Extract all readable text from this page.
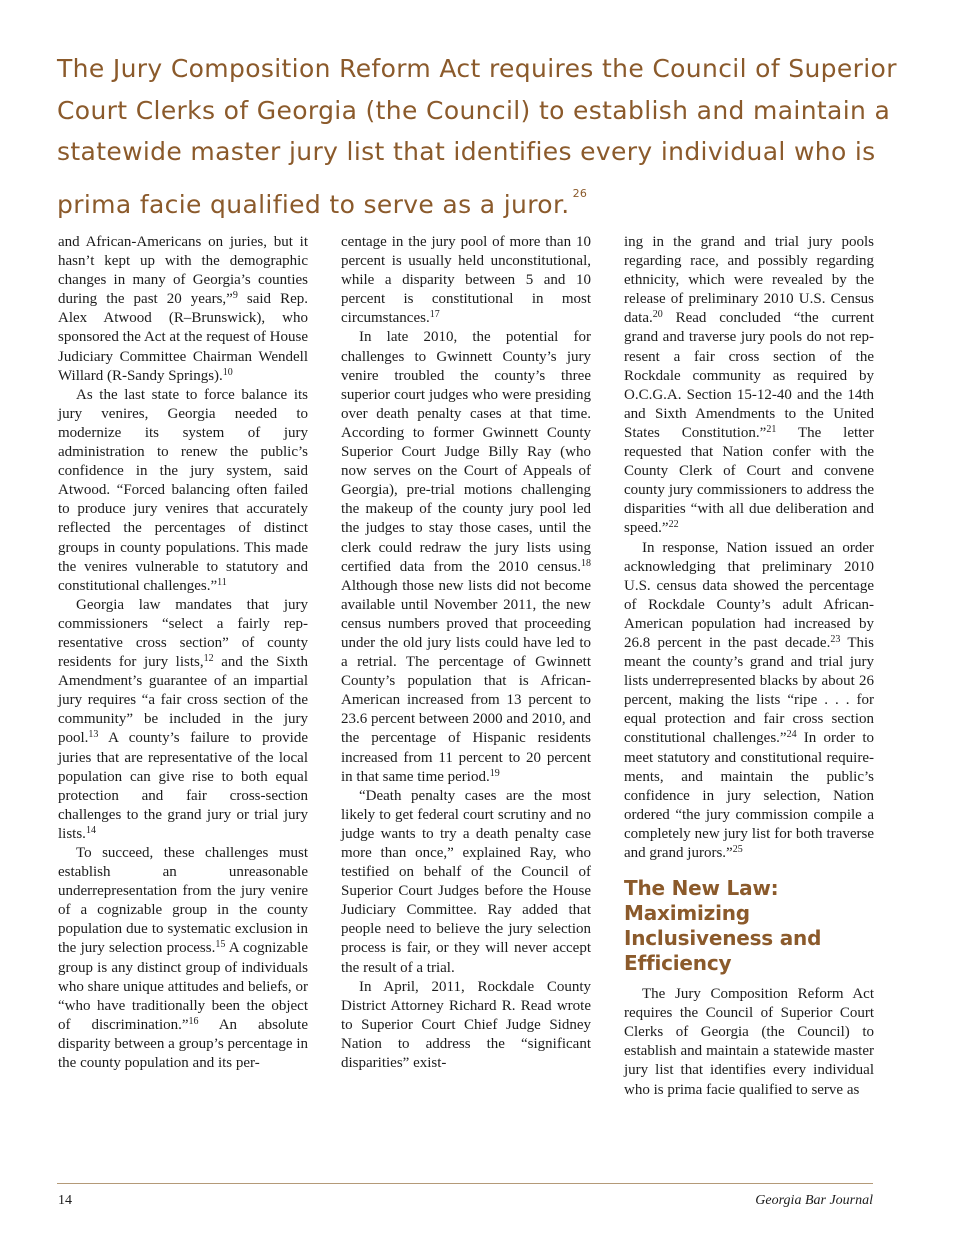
The Jury Composition Reform Act requires the Council of Superior Court Clerks of Georgia (the Council) to establish and maintain a statewide master jury list that identifies every individual who is prima facie qualified to serve as a juror. $^{26}$

and African-Americans on juries, but it hasn’t kept up with the demographic changes in many of Georgia’s counties during the past 20 years,”$^9$ said Rep. Alex Atwood (R–Brunswick), who sponsored the Act at the request of House Judiciary Committee Chairman Wendell Willard (R-Sandy Springs).$^{10}$

As the last state to force balance its jury venires, Georgia needed to modernize its system of jury administration to renew the public’s confidence in the jury system, said Atwood. “Forced balancing often failed to produce jury venires that accurately reflected the percentages of distinct groups in county populations. This made the venires vulnerable to statutory and constitutional challenges.”$^{11}$

Georgia law mandates that jury commissioners “select a fairly representative cross section” of county residents for jury lists,$^{12}$ and the Sixth Amendment’s guarantee of an impartial jury requires “a fair cross section of the community” be included in the jury pool.$^{13}$ A county’s failure to provide juries that are representative of the local population can give rise to both equal protection and fair cross-section challenges to the grand jury or trial jury lists.$^{14}$

To succeed, these challenges must establish an unreasonable underrepresentation from the jury venire of a cognizable group in the county population due to systematic exclusion in the jury selection process.$^{15}$ A cognizable group is any distinct group of individuals who share unique attitudes and beliefs, or “who have traditionally been the object of discrimination.”$^{16}$ An absolute disparity between a group’s percentage in the county population and its per-

centage in the jury pool of more than 10 percent is usually held unconstitutional, while a disparity between 5 and 10 percent is constitutional in most circumstances.$^{17}$

In late 2010, the potential for challenges to Gwinnett County’s jury venire troubled the county’s three superior court judges who were presiding over death penalty cases at that time. According to former Gwinnett County Superior Court Judge Billy Ray (who now serves on the Court of Appeals of Georgia), pre-trial motions challenging the makeup of the county jury pool led the judges to stay those cases, until the clerk could redraw the jury lists using certified data from the 2010 census.$^{18}$ Although those new lists did not become available until November 2011, the new census numbers proved that proceeding under the old jury lists could have led to a retrial. The percentage of Gwinnett County’s population that is African-American increased from 13 percent to 23.6 percent between 2000 and 2010, and the percentage of Hispanic residents increased from 11 percent to 20 percent in that same time period.$^{19}$

“Death penalty cases are the most likely to get federal court scrutiny and no judge wants to try a death penalty case more than once,” explained Ray, who testified on behalf of the Council of Superior Court Judges before the House Judiciary Committee. Ray added that people need to believe the jury selection process is fair, or they will never accept the result of a trial.

In April, 2011, Rockdale County District Attorney Richard R. Read wrote to Superior Court Chief Judge Sidney Nation to address the “significant disparities” exist-

ing in the grand and trial jury pools regarding race, and possibly regarding ethnicity, which were revealed by the release of preliminary 2010 U.S. Census data.$^{20}$ Read concluded “the current grand and traverse jury pools do not represent a fair cross section of the Rockdale community as required by O.C.G.A. Section 15-12-40 and the 14th and Sixth Amendments to the United States Constitution.”$^{21}$ The letter requested that Nation confer with the County Clerk of Court and convene county jury commissioners to address the disparities “with all due deliberation and speed.”$^{22}$

In response, Nation issued an order acknowledging that preliminary 2010 U.S. census data showed the percentage of Rockdale County’s adult African-American population had increased by 26.8 percent in the past decade.$^{23}$ This meant the county’s grand and trial jury lists underrepresented blacks by about 26 percent, making the lists “ripe . . . for equal protection and fair cross section constitutional challenges.”$^{24}$ In order to meet statutory and constitutional requirements, and maintain the public’s confidence in jury selection, Nation ordered “the jury commission compile a completely new jury list for both traverse and grand jurors.”$^{25}$

The New Law: Maximizing Inclusiveness and Efficiency

The Jury Composition Reform Act requires the Council of Superior Court Clerks of Georgia (the Council) to establish and maintain a statewide master jury list that identifies every individual who is prima facie qualified to serve as

14	Georgia Bar Journal
